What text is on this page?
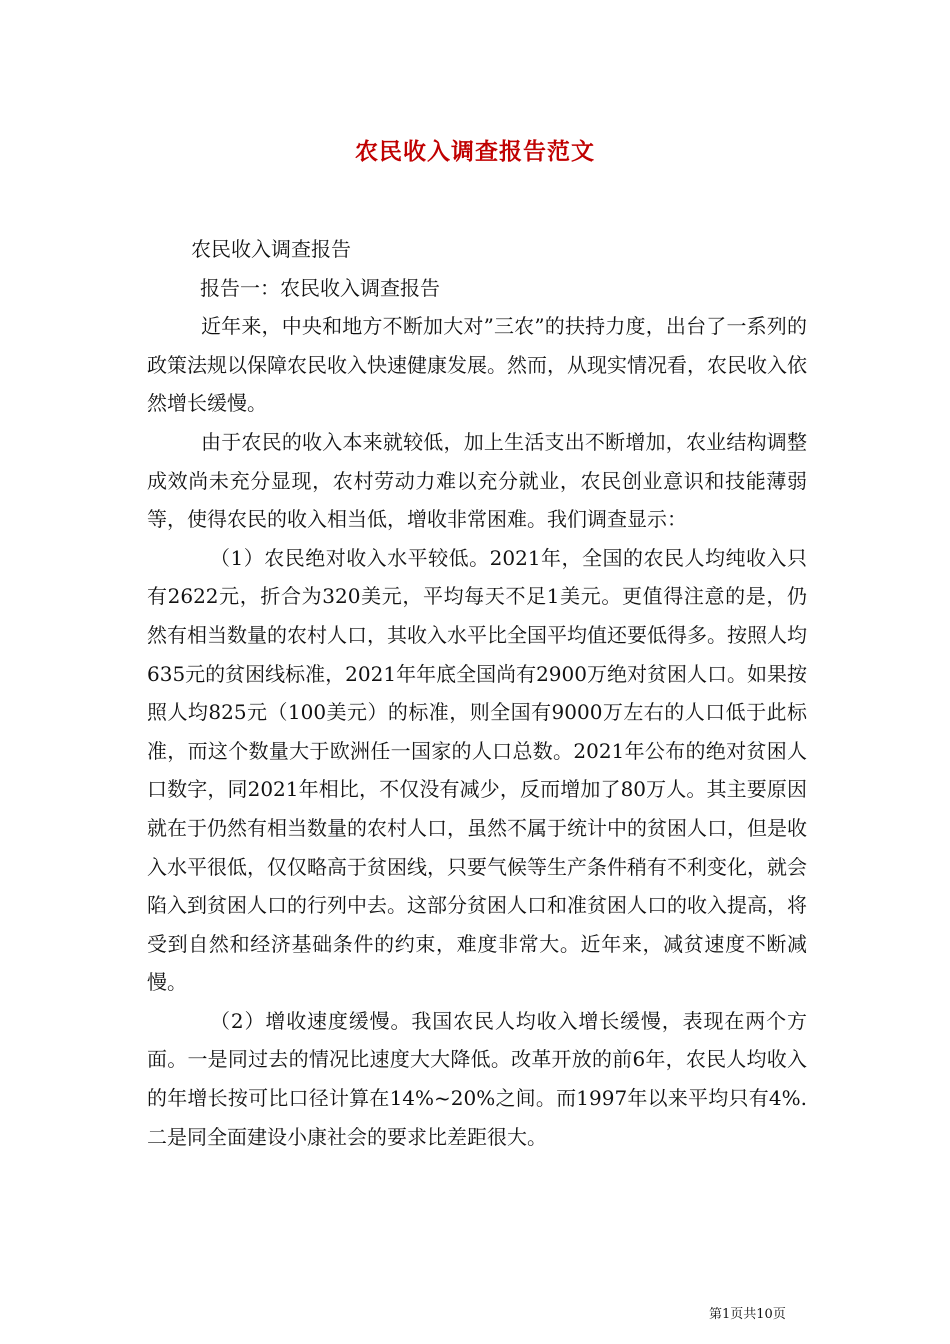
农民收入调查报告范文

农民收入调查报告

报告一：农民收入调查报告

近年来，中央和地方不断加大对”三农”的扶持力度，出台了一系列的政策法规以保障农民收入快速健康发展。然而，从现实情况看，农民收入依然增长缓慢。

由于农民的收入本来就较低，加上生活支出不断增加，农业结构调整成效尚未充分显现，农村劳动力难以充分就业，农民创业意识和技能薄弱等，使得农民的收入相当低，增收非常困难。我们调查显示：

（1）农民绝对收入水平较低。2021年，全国的农民人均纯收入只有2622元，折合为320美元，平均每天不足1美元。更值得注意的是，仍然有相当数量的农村人口，其收入水平比全国平均值还要低得多。按照人均635元的贫困线标准，2021年年底全国尚有2900万绝对贫困人口。如果按照人均825元（100美元）的标准，则全国有9000万左右的人口低于此标准，而这个数量大于欧洲任一国家的人口总数。2021年公布的绝对贫困人口数字，同2021年相比，不仅没有减少，反而增加了80万人。其主要原因就在于仍然有相当数量的农村人口，虽然不属于统计中的贫困人口，但是收入水平很低，仅仅略高于贫困线，只要气候等生产条件稍有不利变化，就会陷入到贫困人口的行列中去。这部分贫困人口和准贫困人口的收入提高，将受到自然和经济基础条件的约束，难度非常大。近年来，减贫速度不断减慢。

（2）增收速度缓慢。我国农民人均收入增长缓慢，表现在两个方面。一是同过去的情况比速度大大降低。改革开放的前6年，农民人均收入的年增长按可比口径计算在14%~20%之间。而1997年以来平均只有4%.二是同全面建设小康社会的要求比差距很大。

第1页共10页
